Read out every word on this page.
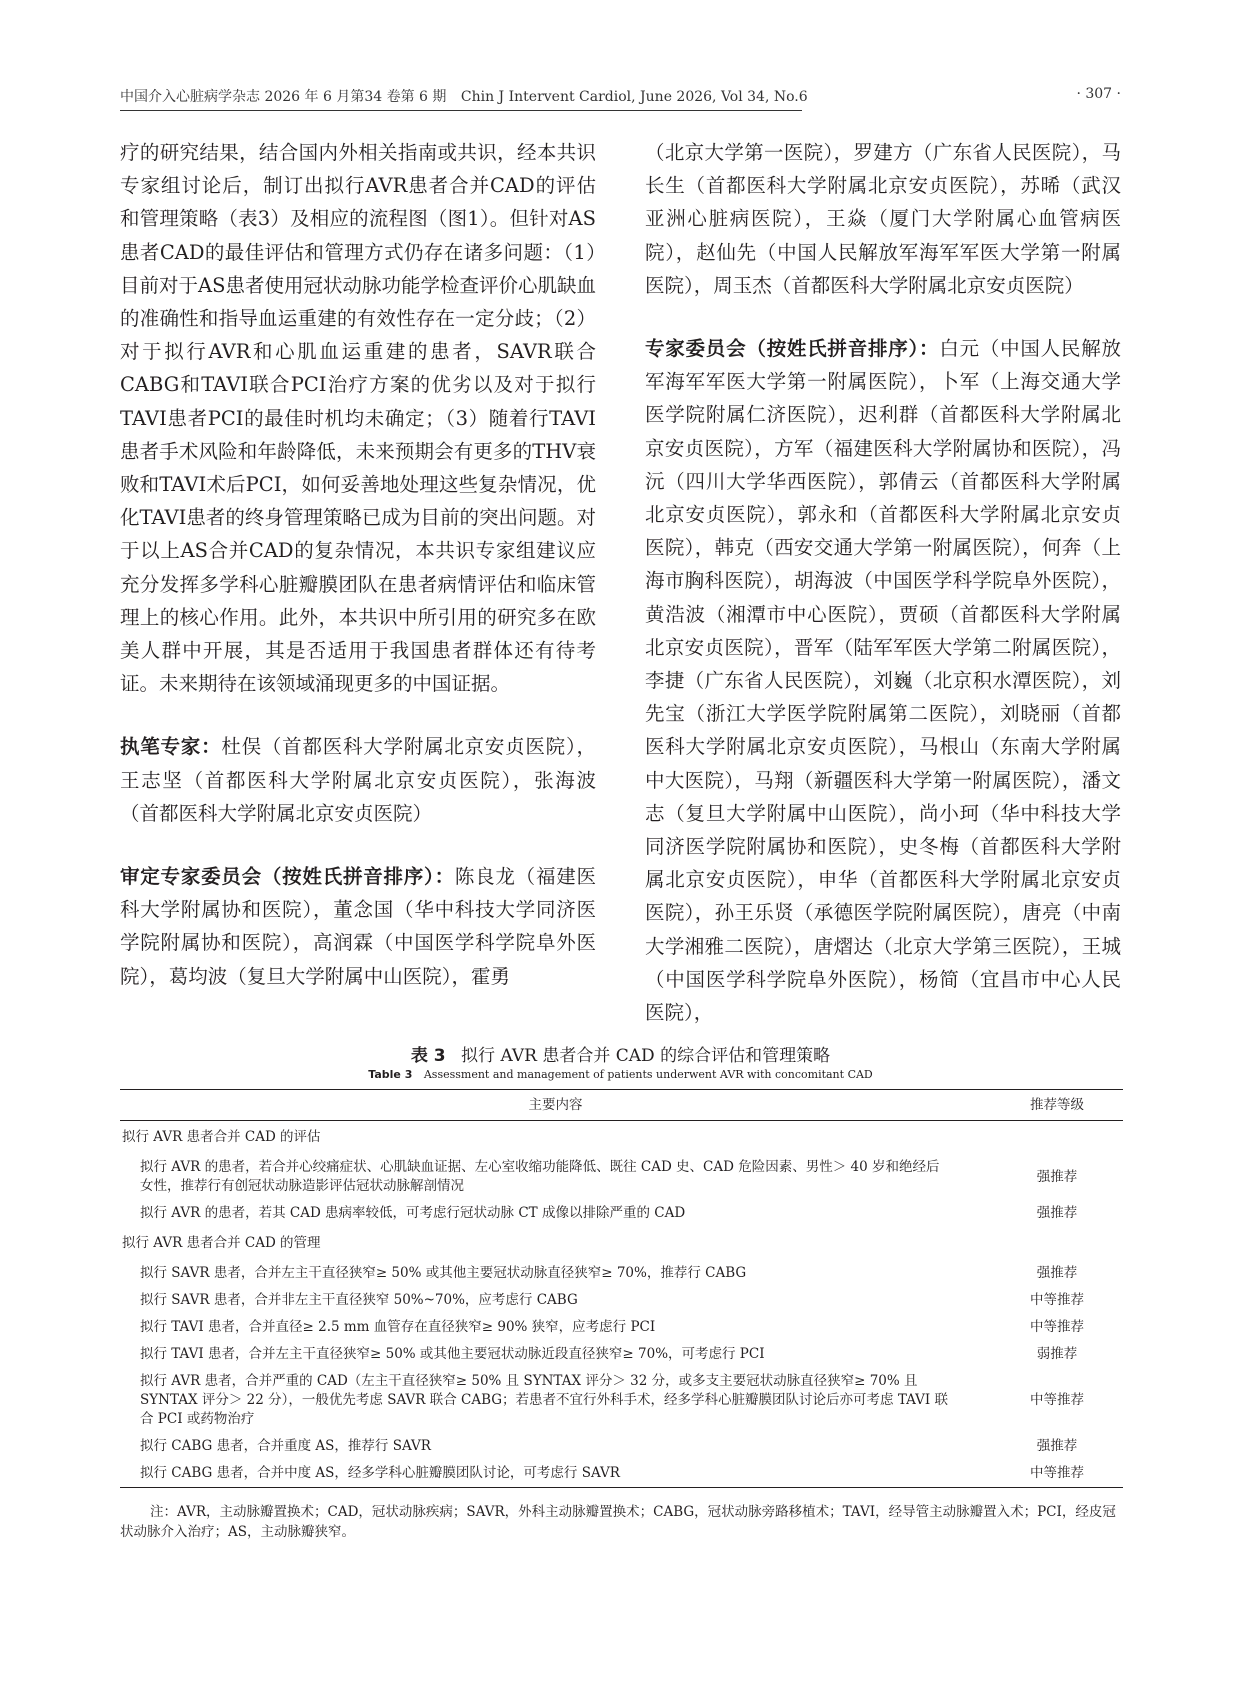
中国介入心脏病学杂志 2026 年 6 月第34 卷第 6 期 Chin J Intervent Cardiol, June 2026, Vol 34, No.6	· 307 ·

疗的研究结果，结合国内外相关指南或共识，经本共识专家组讨论后，制订出拟行AVR患者合并CAD的评估和管理策略（表3）及相应的流程图（图1）。但针对AS患者CAD的最佳评估和管理方式仍存在诸多问题：（1）目前对于AS患者使用冠状动脉功能学检查评价心肌缺血的准确性和指导血运重建的有效性存在一定分歧；（2）对于拟行AVR和心肌血运重建的患者，SAVR联合CABG和TAVI联合PCI治疗方案的优劣以及对于拟行TAVI患者PCI的最佳时机均未确定；（3）随着行TAVI患者手术风险和年龄降低，未来预期会有更多的THV衰败和TAVI术后PCI，如何妥善地处理这些复杂情况，优化TAVI患者的终身管理策略已成为目前的突出问题。对于以上AS合并CAD的复杂情况，本共识专家组建议应充分发挥多学科心脏瓣膜团队在患者病情评估和临床管理上的核心作用。此外，本共识中所引用的研究多在欧美人群中开展，其是否适用于我国患者群体还有待考证。未来期待在该领域涌现更多的中国证据。

执笔专家：杜俣（首都医科大学附属北京安贞医院），王志坚（首都医科大学附属北京安贞医院），张海波（首都医科大学附属北京安贞医院）

审定专家委员会（按姓氏拼音排序）：陈良龙（福建医科大学附属协和医院），董念国（华中科技大学同济医学院附属协和医院），高润霖（中国医学科学院阜外医院），葛均波（复旦大学附属中山医院），霍勇

（北京大学第一医院），罗建方（广东省人民医院），马长生（首都医科大学附属北京安贞医院），苏晞（武汉亚洲心脏病医院），王焱（厦门大学附属心血管病医院），赵仙先（中国人民解放军海军军医大学第一附属医院），周玉杰（首都医科大学附属北京安贞医院）

专家委员会（按姓氏拼音排序）：白元（中国人民解放军海军军医大学第一附属医院），卜军（上海交通大学医学院附属仁济医院），迟利群（首都医科大学附属北京安贞医院），方军（福建医科大学附属协和医院），冯沅（四川大学华西医院），郭倩云（首都医科大学附属北京安贞医院），郭永和（首都医科大学附属北京安贞医院），韩克（西安交通大学第一附属医院），何奔（上海市胸科医院），胡海波（中国医学科学院阜外医院），黄浩波（湘潭市中心医院），贾硕（首都医科大学附属北京安贞医院），晋军（陆军军医大学第二附属医院），李捷（广东省人民医院），刘巍（北京积水潭医院），刘先宝（浙江大学医学院附属第二医院），刘晓丽（首都医科大学附属北京安贞医院），马根山（东南大学附属中大医院），马翔（新疆医科大学第一附属医院），潘文志（复旦大学附属中山医院），尚小珂（华中科技大学同济医学院附属协和医院），史冬梅（首都医科大学附属北京安贞医院），申华（首都医科大学附属北京安贞医院），孙王乐贤（承德医学院附属医院），唐亮（中南大学湘雅二医院），唐熠达（北京大学第三医院），王城（中国医学科学院阜外医院），杨简（宜昌市中心人民医院），

表 3 拟行 AVR 患者合并 CAD 的综合评估和管理策略
Table 3 Assessment and management of patients underwent AVR with concomitant CAD
主要内容	推荐等级
拟行 AVR 患者合并 CAD 的评估	
拟行 AVR 的患者，若合并心绞痛症状、心肌缺血证据、左心室收缩功能降低、既往 CAD 史、CAD 危险因素、男性＞ 40 岁和绝经后女性，推荐行有创冠状动脉造影评估冠状动脉解剖情况	强推荐
拟行 AVR 的患者，若其 CAD 患病率较低，可考虑行冠状动脉 CT 成像以排除严重的 CAD	强推荐
拟行 AVR 患者合并 CAD 的管理	
拟行 SAVR 患者，合并左主干直径狭窄≥ 50% 或其他主要冠状动脉直径狭窄≥ 70%，推荐行 CABG	强推荐
拟行 SAVR 患者，合并非左主干直径狭窄 50%~70%，应考虑行 CABG	中等推荐
拟行 TAVI 患者，合并直径≥ 2.5 mm 血管存在直径狭窄≥ 90% 狭窄，应考虑行 PCI	中等推荐
拟行 TAVI 患者，合并左主干直径狭窄≥ 50% 或其他主要冠状动脉近段直径狭窄≥ 70%，可考虑行 PCI	弱推荐
拟行 AVR 患者，合并严重的 CAD（左主干直径狭窄≥ 50% 且 SYNTAX 评分＞ 32 分，或多支主要冠状动脉直径狭窄≥ 70% 且 SYNTAX 评分＞ 22 分），一般优先考虑 SAVR 联合 CABG；若患者不宜行外科手术，经多学科心脏瓣膜团队讨论后亦可考虑 TAVI 联合 PCI 或药物治疗	中等推荐
拟行 CABG 患者，合并重度 AS，推荐行 SAVR	强推荐
拟行 CABG 患者，合并中度 AS，经多学科心脏瓣膜团队讨论，可考虑行 SAVR	中等推荐
注：AVR，主动脉瓣置换术；CAD，冠状动脉疾病；SAVR，外科主动脉瓣置换术；CABG，冠状动脉旁路移植术；TAVI，经导管主动脉瓣置入术；PCI，经皮冠状动脉介入治疗；AS，主动脉瓣狭窄。
